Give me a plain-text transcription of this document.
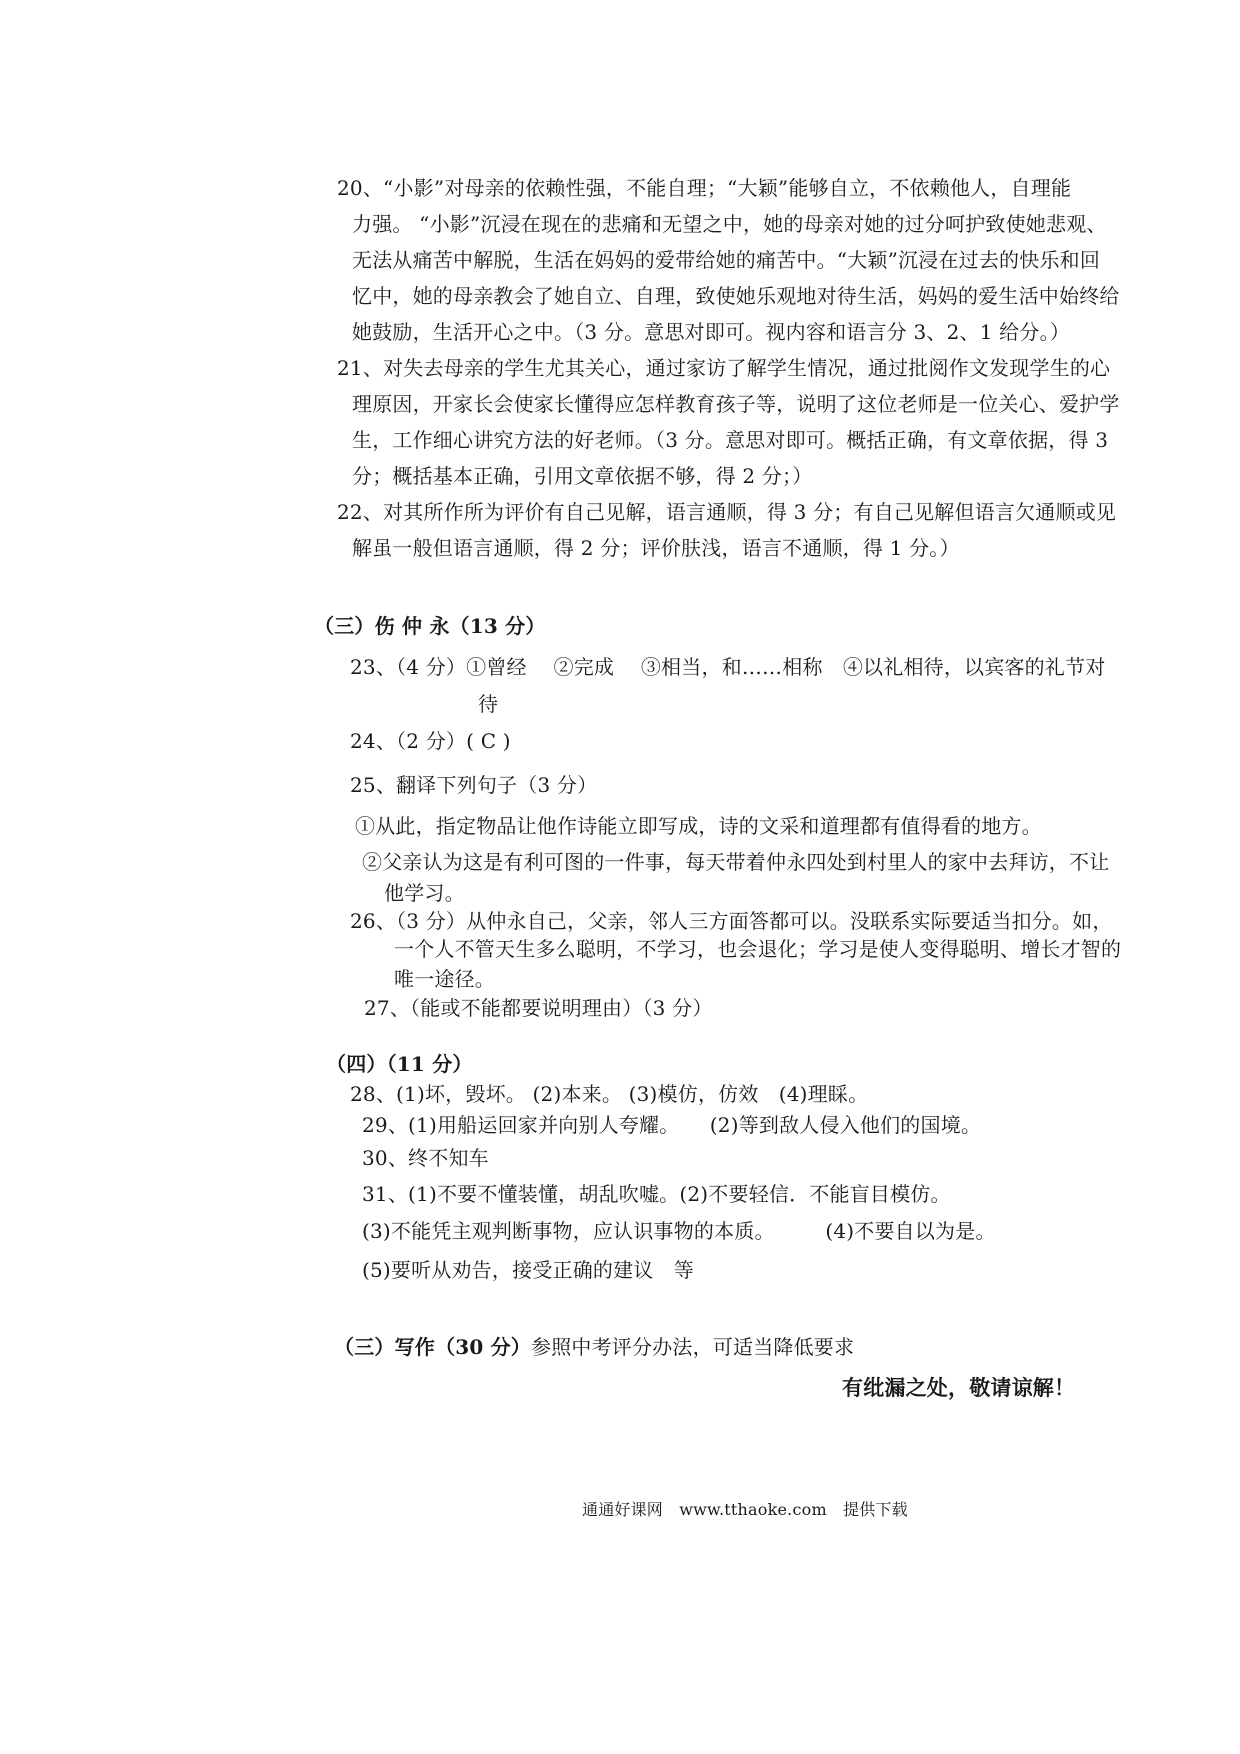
20、“小影”对母亲的依赖性强，不能自理；“大颖”能够自立，不依赖他人，自理能
力强。 “小影”沉浸在现在的悲痛和无望之中，她的母亲对她的过分呵护致使她悲观、
无法从痛苦中解脱，生活在妈妈的爱带给她的痛苦中。“大颖”沉浸在过去的快乐和回
忆中，她的母亲教会了她自立、自理，致使她乐观地对待生活，妈妈的爱生活中始终给
她鼓励，生活开心之中。（3 分。意思对即可。视内容和语言分 3、2、1 给分。）
21、对失去母亲的学生尤其关心，通过家访了解学生情况，通过批阅作文发现学生的心
理原因，开家长会使家长懂得应怎样教育孩子等，说明了这位老师是一位关心、爱护学
生，工作细心讲究方法的好老师。（3 分。意思对即可。概括正确，有文章依据，得 3
分；概括基本正确，引用文章依据不够，得 2 分；）
22、对其所作所为评价有自己见解，语言通顺，得 3 分；有自己见解但语言欠通顺或见
解虽一般但语言通顺，得 2 分；评价肤浅，语言不通顺，得 1 分。）
（三）伤 仲 永（13 分）
23、（4 分）①曾经　 ②完成　 ③相当，和……相称　④以礼相待，以宾客的礼节对
待
24、（2 分）( C )
25、翻译下列句子（3 分）
①从此，指定物品让他作诗能立即写成，诗的文采和道理都有值得看的地方。
②父亲认为这是有利可图的一件事，每天带着仲永四处到村里人的家中去拜访，不让
他学习。
26、（3 分）从仲永自己，父亲，邻人三方面答都可以。没联系实际要适当扣分。如，
一个人不管天生多么聪明，不学习，也会退化；学习是使人变得聪明、增长才智的
唯一途径。
27、（能或不能都要说明理由）（3 分）
（四）（11 分）
28、(1)坏，毁坏。 (2)本来。 (3)模仿，仿效　(4)理睬。
29、(1)用船运回家并向别人夸耀。　　(2)等到敌人侵入他们的国境。
30、终不知车
31、(1)不要不懂装懂，胡乱吹嘘。(2)不要轻信．不能盲目模仿。
(3)不能凭主观判断事物，应认识事物的本质。　　　(4)不要自以为是。
(5)要听从劝告，接受正确的建议　等
（三）写作（30 分）参照中考评分办法，可适当降低要求
有纰漏之处，敬请谅解！
通通好课网　www.tthaoke.com　提供下载
